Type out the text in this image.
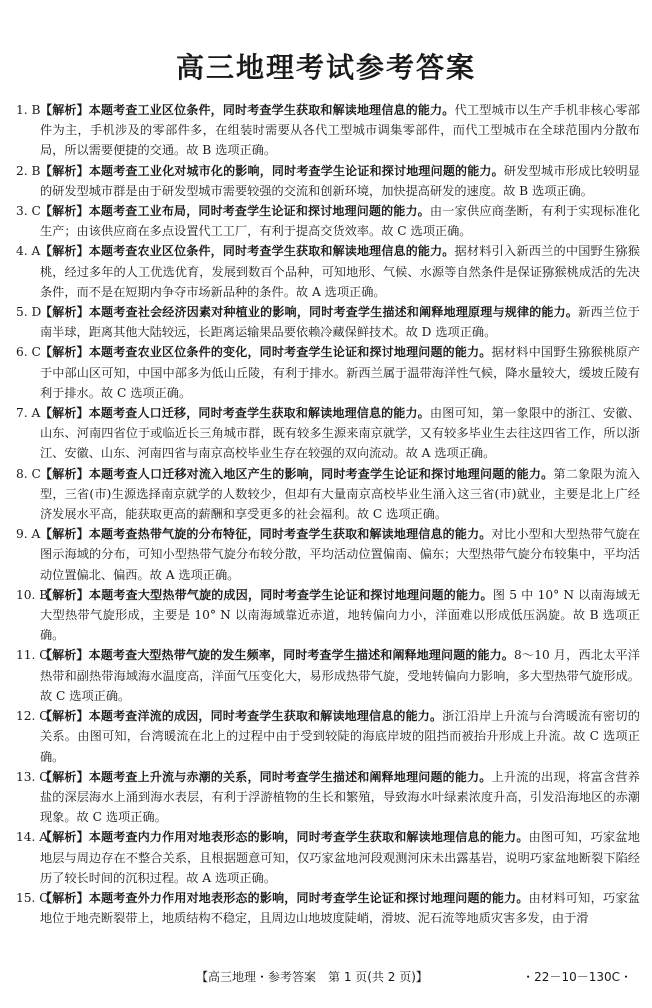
高三地理考试参考答案
1. B 【解析】本题考查工业区位条件，同时考查学生获取和解读地理信息的能力。代工型城市以生产手机非核心零部件为主，手机涉及的零部件多，在组装时需要从各代工型城市调集零部件，而代工型城市在全球范围内分散布局，所以需要便捷的交通。故 B 选项正确。
2. B 【解析】本题考查工业化对城市化的影响，同时考查学生论证和探讨地理问题的能力。研发型城市形成比较明显的研发型城市群是由于研发型城市需要较强的交流和创新环境，加快提高研发的速度。故 B 选项正确。
3. C 【解析】本题考查工业布局，同时考查学生论证和探讨地理问题的能力。由一家供应商垄断，有利于实现标准化生产；由该供应商在多点设置代工工厂，有利于提高交货效率。故 C 选项正确。
4. A 【解析】本题考查农业区位条件，同时考查学生获取和解读地理信息的能力。据材料引入新西兰的中国野生猕猴桃，经过多年的人工优选优育，发展到数百个品种，可知地形、气候、水源等自然条件是保证猕猴桃成活的先决条件，而不是在短期内争夺市场新品种的条件。故 A 选项正确。
5. D
【解析】本题考查社会经济因素对种植业的影响，同时考查学生描述和阐释地理原理与规律的能力。新西兰位于南半球，距离其他大陆较远，长距离运输果品要依赖冷藏保鲜技术。故 D 选项正确。
6. C 【解析】本题考查农业区位条件的变化，同时考查学生论证和探讨地理问题的能力。据材料中国野生猕猴桃原产于中部山区可知，中国中部多为低山丘陵，有利于排水。新西兰属于温带海洋性气候，降水量较大，缓坡丘陵有利于排水。故 C 选项正确。
7. A 【解析】本题考查人口迁移，同时考查学生获取和解读地理信息的能力。由图可知，第一象限中的浙江、安徽、山东、河南四省位于或临近长三角城市群，既有较多生源来南京就学，又有较多毕业生去往这四省工作，所以浙江、安徽、山东、河南四省与南京高校毕业生存在较强的双向流动。故 A 选项正确。
8. C 【解析】本题考查人口迁移对流入地区产生的影响，同时考查学生论证和探讨地理问题的能力。第二象限为流入型，三省(市)生源选择南京就学的人数较少，但却有大量南京高校毕业生涌入这三省(市)就业，主要是北上广经济发展水平高，能获取更高的薪酬和享受更多的社会福利。故 C 选项正确。
9. A 【解析】本题考查热带气旋的分布特征，同时考查学生获取和解读地理信息的能力。对比小型和大型热带气旋在图示海域的分布，可知小型热带气旋分布较分散，平均活动位置偏南、偏东；大型热带气旋分布较集中，平均活动位置偏北、偏西。故 A 选项正确。
10. B
【解析】本题考查大型热带气旋的成因，同时考查学生论证和探讨地理问题的能力。图 5 中 10° N 以南海域无大型热带气旋形成，主要是 10° N 以南海域靠近赤道，地转偏向力小，洋面难以形成低压涡旋。故 B 选项正确。
11. C
【解析】本题考查大型热带气旋的发生频率，同时考查学生描述和阐释地理问题的能力。8～10 月，西北太平洋热带和副热带海域海水温度高，洋面气压变化大，易形成热带气旋，受地转偏向力影响，多大型热带气旋形成。故 C 选项正确。
12. C
【解析】本题考查洋流的成因，同时考查学生获取和解读地理信息的能力。浙江沿岸上升流与台湾暖流有密切的关系。由图可知，台湾暖流在北上的过程中由于受到较陡的海底岸坡的阻挡而被抬升形成上升流。故 C 选项正确。
13. C
【解析】本题考查上升流与赤潮的关系，同时考查学生描述和阐释地理问题的能力。上升流的出现，将富含营养盐的深层海水上涌到海水表层，有利于浮游植物的生长和繁殖，导致海水叶绿素浓度升高，引发沿海地区的赤潮现象。故 C 选项正确。
14. A
【解析】本题考查内力作用对地表形态的影响，同时考查学生获取和解读地理信息的能力。由图可知，巧家盆地地层与周边存在不整合关系，且根据题意可知，仅巧家盆地河段观测河床未出露基岩，说明巧家盆地断裂下陷经历了较长时间的沉积过程。故 A 选项正确。
15. C
【解析】本题考查外力作用对地表形态的影响，同时考查学生论证和探讨地理问题的能力。由材料可知，巧家盆地位于地壳断裂带上，地质结构不稳定，且周边山地坡度陡峭，滑坡、泥石流等地质灾害多发，由于滑
【高三地理・参考答案　第 1 页(共 2 页)】	・22－10－130C・
